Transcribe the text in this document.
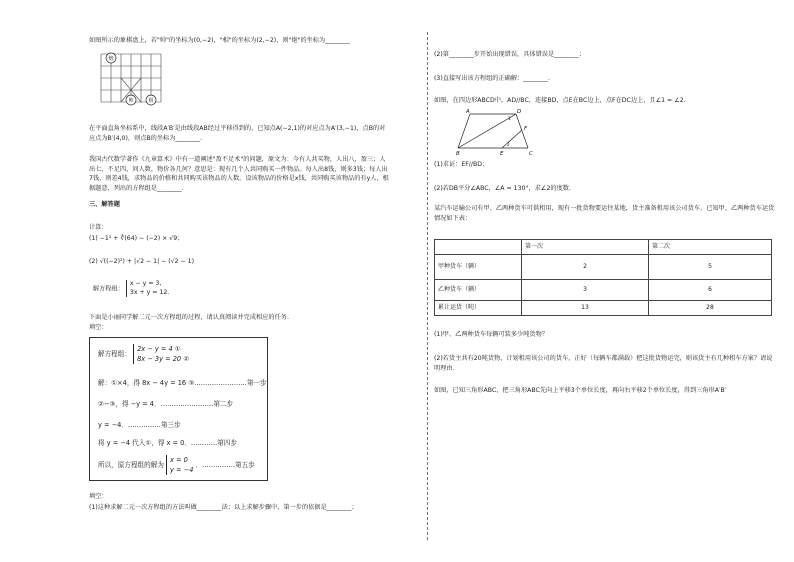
如图所示的象棋盘上，若"帅"的坐标为(0,−2)，"相"的坐标为(2,−2)，则"炮"的坐标为________

炮
帅	相

在平面直角坐标系中，线段A′B′是由线段AB经过平移得到的，已知点A(−2,1)的对应点为A′(3,−1)，点B的对应点为B′(4,0)，则点B的坐标为________.

我国古代数学著作《九章算术》中有一道阐述"盈不足术"的问题，原文为：今有人共买物，人出八，盈三；人出七，不足四，问人数，物价各几何？意思是：现有几个人共同购买一件物品。每人出8钱，则多3钱；每人出7钱，则差4钱，求物品的价格和共同购买该物品的人数。设该物品的价格是x钱，共同购买该物品的有y人，根据题意，列出的方程组是________.

三、解答题

计算：

(1) −1² + ∛(64) − (−2) × √9；

(2) √((−2)²) + |√2 − 1| − (√2 − 1)

解方程组：
x − y = 3,
3x + y = 12.

下面是小丽同学解二元一次方程组的过程，请认真阅读并完成相应的任务.

填空：

解方程组：
2x − y = 4 ①
8x − 3y = 20 ②
解：①×4，得 8x − 4y = 16 ③……………………第一步
②−③，得 −y = 4．……………………第二步
y = −4．……………第三步
将 y = −4 代入①，得 x = 0．…………第四步
所以，原方程组的解为
x = 0
y = −4
．……………第五步

填空：

(1)这种求解二元一次方程组的方法叫做________法；以上求解步骤中，第一步的依据是________；

(2)第________步开始出现错误，具体错误是________；

(3)直接写出该方程组的正确解：________.

如图，在四边形ABCD中，AD//BC，连接BD，点E在BC边上，点F在DC边上，且∠1 = ∠2.

A	D
B	E	C
F
1
2

(1)求证：EF//BD；

(2)若DB平分∠ABC，∠A = 130°，求∠2的度数.

某汽车运输公司有甲、乙两种货车可供租用，现有一批货物要运往某地，货主准备租用该公司货车，已知甲、乙两种货车运货情况如下表：

	第一次	第二次
甲种货车（辆）	2	5
乙种货车（辆）	3	6
累计运货（吨）	13	28

(1)甲、乙两种货车每辆可装多少吨货物？

(2)若货主共有20吨货物，计划租用该公司的货车，正好（每辆车都满载）把这批货物运完，则该货主有几种租车方案？请说明理由.

如图，已知三角形ABC，把三角形ABC先向上平移3个单位长度，再向右平移2个单位长度，得到三角形A′B′
